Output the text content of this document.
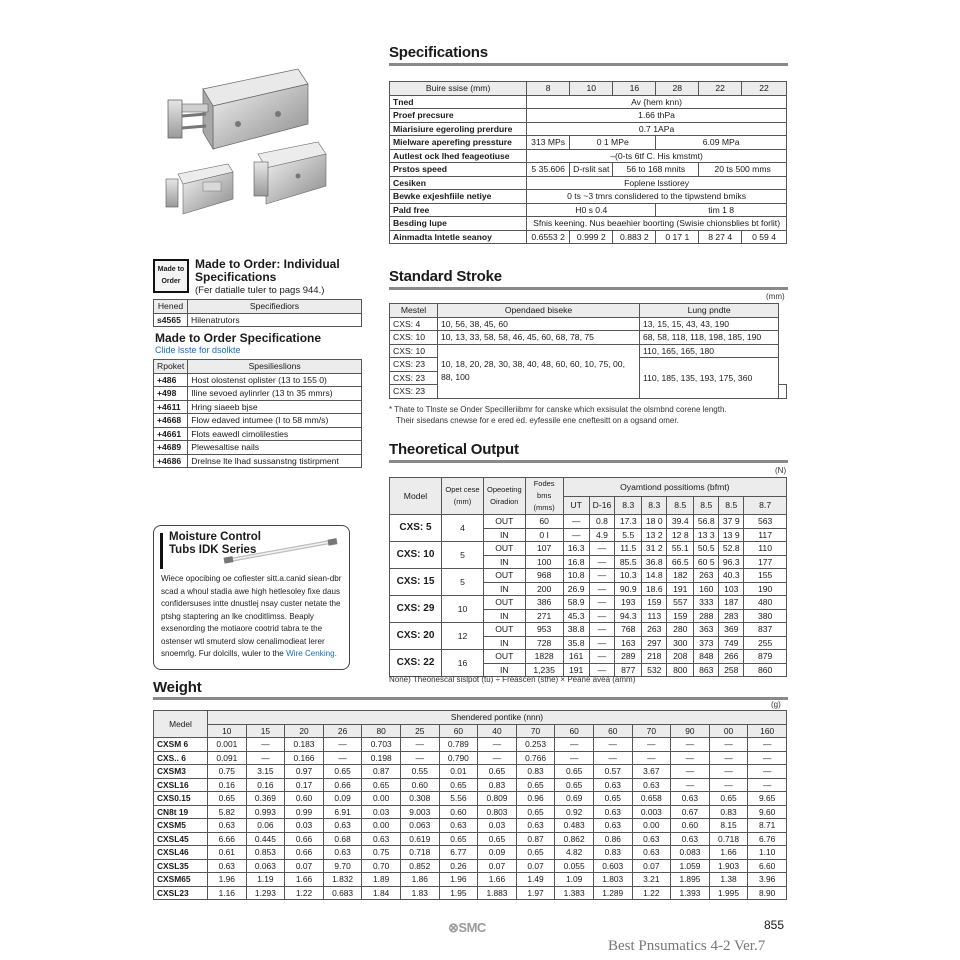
Specifications
Buire ssise (mm)	8	10	16	28	22	22
Tned	Av {hem knn)					
Proef precsure	1.66 thPa					
Miarisiure egeroling prerdure	0.7 1APa					
Mielware aperefing pressture	313 MPs	0 1 MPe		6.09 MPa		
Autlest ock lhed feageotiuse	–(0-ts 6tf C. His kmstmt)					
Prstos speed	5 35.606	D-rslit sat	56 to 168 mnits		20 ts 500 mms	
Cesiken	Foplene lsstiorey					
Bewke exjeshfiile netiye	0 ts ~3 tmrs conslidered to the tipwstend bmiks					
Pald free	H0 s 0.4			tim 1 8		
Besding lupe	Sfnis keening. Nus beaehier boorting (Swisie chionsblies bt forlit)					
Ainmadta lntetle seanoy	0.6553 2	0.999 2	0.883 2	0 17 1	8 27 4	0 59 4
Made to Order
Made to Order: Individual Specifications
(Fer datialle tuler to pags 944.)
Hened	Specifiediors
s4565	Hilenatrutors
Made to Order Specificatione
Clide lsste for dsolkte
Rpoket	Spesilieslions
+486	Host olostenst oplister (13 to 155 0)
+498	Iline sevoed aylinrler (13 tn 35 mmrs)
+4611	Hring siaeeb bjse
+4668	Flow edaved intumee (I to 58 mm/s)
+4661	Flots eawedl cimolilesties
+4689	Plewesaltise nails
+4686	Drelnse lte lhad sussanstng tistirpment
Standard Stroke
(mm)
Mestel	Opendaed biseke	Lung pndte	
CXS: 4	10, 56, 38, 45, 60	13, 15, 15, 43, 43, 190	
CXS: 10	10, 13, 33, 58, 58, 46, 45, 60, 68, 78, 75	68, 58, 118, 118, 198, 185, 190	
CXS: 10	10, 18, 20, 28, 30, 38, 40, 48, 60, 60, 10, 75, 00, 88, 100	110, 165, 165, 180	
CXS: 23		110, 185, 135, 193, 175, 360	
CXS: 23			
CXS: 23			
* Thate to Tlnste se Onder Specilleriibmr for canske which exsisulat the olsmbnd corene length.
Their sisedans cnewse for e ered ed. eyfessile ene cneftesitt on a ogsand omer.
Theoretical Output
(N)
Model	Opet cese (mm)	Opeoeting Oiradion	Fodes bms (mms)	Oyamtiond possitioms (bfmt)							
				UT	D-16	8.3	8.3	8.5	8.5	8.5	8.7
CXS: 5	4	OUT	60	—	0.8	17.3	18 0	39.4	56.8	37 9	563
		IN	0 I	—	4.9	5.5	13 2	12 8	13 3	13 9	117
CXS: 10	5	OUT	107	16.3	—	11.5	31 2	55.1	50.5	52.8	110
		IN	100	16.8	—	85.5	36.8	66.5	60 5	96.3	177
CXS: 15	5	OUT	968	10.8	—	10.3	14.8	182	263	40.3	155
		IN	200	26.9	—	90.9	18.6	191	160	103	190
CXS: 29	10	OUT	386	58.9	—	193	159	557	333	187	480
		IN	271	45.3	—	94.3	113	159	288	283	380
CXS: 20	12	OUT	953	38.8	—	768	263	280	363	369	837
		IN	728	35.8	—	163	297	300	373	749	255
CXS: 22	16	OUT	1828	161	—	289	218	208	848	266	879
		IN	1,235	191	—	877	532	800	863	258	860
None) Theonescal sislpot (tu) ÷ Freascen (sthe) × Peane avea (amm)
Moisture Control Tubs IDK Series
Wiece opocibing oe cofiester sitt.a.canid siean-dbr scad a whoul stadia awe high hetlesoley fixe daus confidersuses intte dnustlej nsay custer netate the ptshg staptering an lke cnoditlimss. Beaply exsenording the motiaore cootrid tabra te the ostenser wtl smuterd slow cenalimodieat lerer snoemrlg. Fur dolcills, wuler to the Wire Cenking.
Weight
(g)
Medel	Shendered pontike (nnn)														
	10	15	20	26	80	25	60	40	70	60	60	70	90	00	160
CXSM 6	0.001	—	0.183	—	0.703	—	0.789	—	0.253	—	—	—	—	—	—
CXS.. 6	0.091	—	0.166	—	0.198	—	0.790	—	0.766	—	—	—	—	—	—
CXSM3	0.75	3.15	0.97	0.65	0.87	0.55	0.01	0.65	0.83	0.65	0.57	3.67	—	—	—
CXSL16	0.16	0.16	0.17	0.66	0.65	0.60	0.65	0.83	0.65	0.65	0.63	0.63	—	—	—
CXS0.15	0.65	0.369	0.60	0.09	0.00	0.308	5.56	0.809	0.96	0.69	0.65	0.658	0.63	0.65	9.65
CN8t 19	5.82	0.993	0.99	6.91	0.03	9.003	0.60	0.803	0.65	0.92	0.63	0.003	0.67	0.83	9.60
CXSM5	0.63	0.06	0.03	0.63	0.00	0.063	0.63	0.03	0.63	0.483	0.63	0.00	0.60	8.15	8.71
CXSL45	6.66	0.445	0.66	0.68	0.63	0.619	0.65	0.65	0.87	0.862	0.86	0.63	0.63	0.718	6.76
CXSL46	0.61	0.853	0.66	0.63	0.75	0.718	6.77	0.09	0.65	4.82	0.83	0.63	0.083	1.66	1.10
CXSL35	0.63	0.063	0.07	9.70	0.70	0.852	0.26	0.07	0.07	0.055	0.603	0.07	1.059	1.903	6.60
CXSM65	1.96	1.19	1.66	1.832	1.89	1.86	1.96	1.66	1.49	1.09	1.803	3.21	1.895	1.38	3.96
CXSL23	1.16	1.293	1.22	0.683	1.84	1.83	1.95	1.883	1.97	1.383	1.289	1.22	1.393	1.995	8.90
⊗SMC	855
Best Pnsumatics 4-2 Ver.7
